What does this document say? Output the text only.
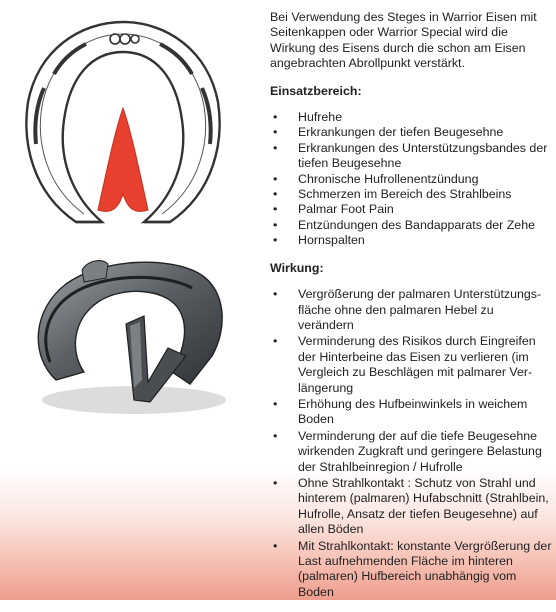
Bei Verwendung des Steges in Warrior Eisen mit Seitenkappen oder Warrior Special wird die Wirkung des Eisens durch die schon am Eisen angebrachten Abrollpunkt verstärkt.

Einsatzbereich:
• Hufrehe
• Erkrankungen der tiefen Beugesehne
• Erkrankungen des Unterstützungsbandes der tiefen Beugesehne
• Chronische Hufrollenentzündung
• Schmerzen im Bereich des Strahlbeins
• Palmar Foot Pain
• Entzündungen des Bandapparats der Zehe
• Hornspalten
Wirkung:
• Vergrößerung der palmaren Unterstützungsfläche ohne den palmaren Hebel zu verändern
• Verminderung des Risikos durch Eingreifen der Hinterbeine das Eisen zu verlieren (im Vergleich zu Beschlägen mit palmarer Verlängerung
• Erhöhung des Hufbeinwinkels in weichem Boden
• Verminderung der auf die tiefe Beugesehne wirkenden Zugkraft und geringere Belastung der Strahlbeinregion / Hufrolle
• Ohne Strahlkontakt : Schutz von Strahl und hinterem (palmaren) Hufabschnitt (Strahlbein, Hufrolle, Ansatz der tiefen Beugesehne) auf allen Böden
• Mit Strahlkontakt: konstante Vergrößerung der Last aufnehmenden Fläche im hinteren (palmaren) Hufbereich unabhängig vom Boden
